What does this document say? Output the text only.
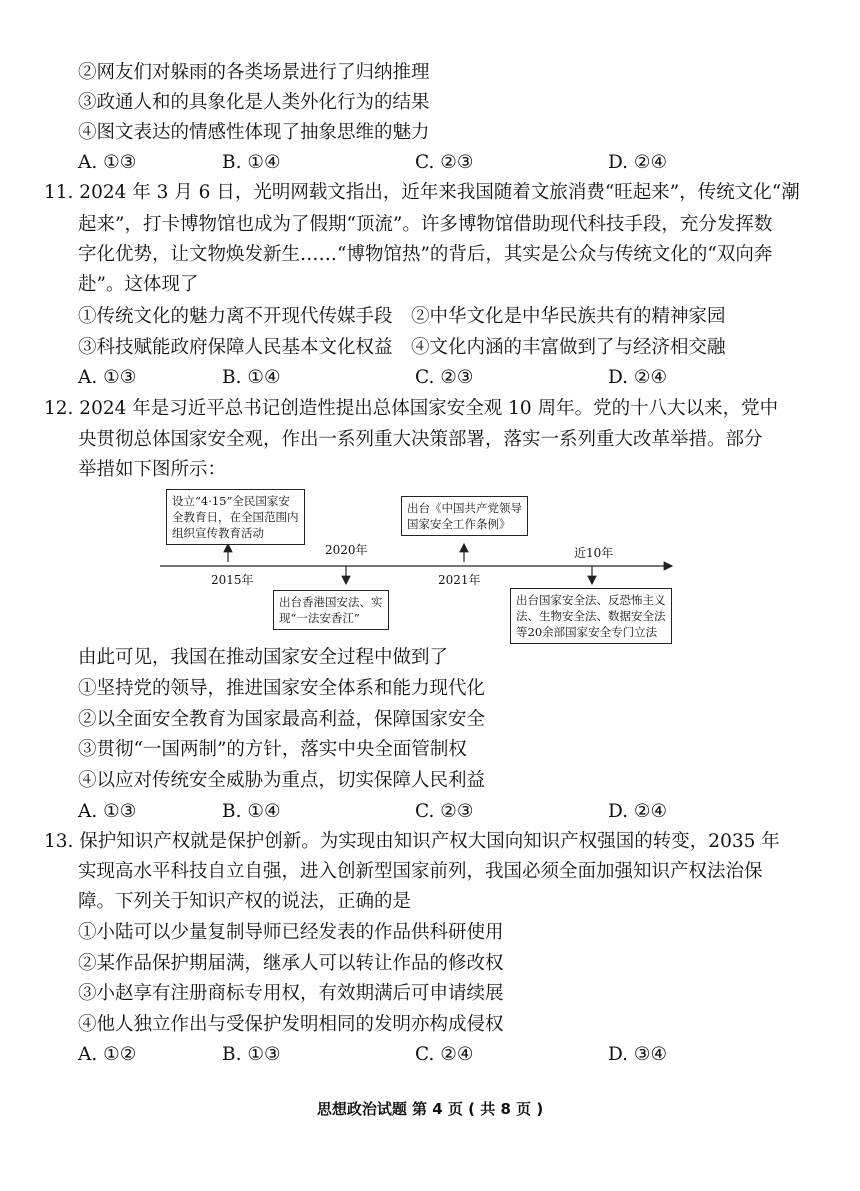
②网友们对躲雨的各类场景进行了归纳推理
③政通人和的具象化是人类外化行为的结果
④图文表达的情感性体现了抽象思维的魅力
A. ①③	B. ①④	C. ②③	D. ②④
11. 2024 年 3 月 6 日，光明网载文指出，近年来我国随着文旅消费“旺起来”，传统文化“潮
起来”，打卡博物馆也成为了假期“顶流”。许多博物馆借助现代科技手段，充分发挥数
字化优势，让文物焕发新生……“博物馆热”的背后，其实是公众与传统文化的“双向奔
赴”。这体现了
①传统文化的魅力离不开现代传媒手段 ②中华文化是中华民族共有的精神家园
③科技赋能政府保障人民基本文化权益 ④文化内涵的丰富做到了与经济相交融
A. ①③	B. ①④	C. ②③	D. ②④
12. 2024 年是习近平总书记创造性提出总体国家安全观 10 周年。党的十八大以来，党中
央贯彻总体国家安全观，作出一系列重大决策部署，落实一系列重大改革举措。部分
举措如下图所示：
设立“4·15”全民国家安
全教育日，在全国范围内
组织宣传教育活动
2015年
2020年
出台香港国安法、实
现“一法安香江”
出台《中国共产党领导
国家安全工作条例》
2021年
近10年
出台国家安全法、反恐怖主义
法、生物安全法、数据安全法
等20余部国家安全专门立法
由此可见，我国在推动国家安全过程中做到了
①坚持党的领导，推进国家安全体系和能力现代化
②以全面安全教育为国家最高利益，保障国家安全
③贯彻“一国两制”的方针，落实中央全面管制权
④以应对传统安全威胁为重点，切实保障人民利益
A. ①③	B. ①④	C. ②③	D. ②④
13. 保护知识产权就是保护创新。为实现由知识产权大国向知识产权强国的转变，2035 年
实现高水平科技自立自强，进入创新型国家前列，我国必须全面加强知识产权法治保
障。下列关于知识产权的说法，正确的是
①小陆可以少量复制导师已经发表的作品供科研使用
②某作品保护期届满，继承人可以转让作品的修改权
③小赵享有注册商标专用权，有效期满后可申请续展
④他人独立作出与受保护发明相同的发明亦构成侵权
A. ①②	B. ①③	C. ②④	D. ③④
思想政治试题 第 4 页 ( 共 8 页 )
